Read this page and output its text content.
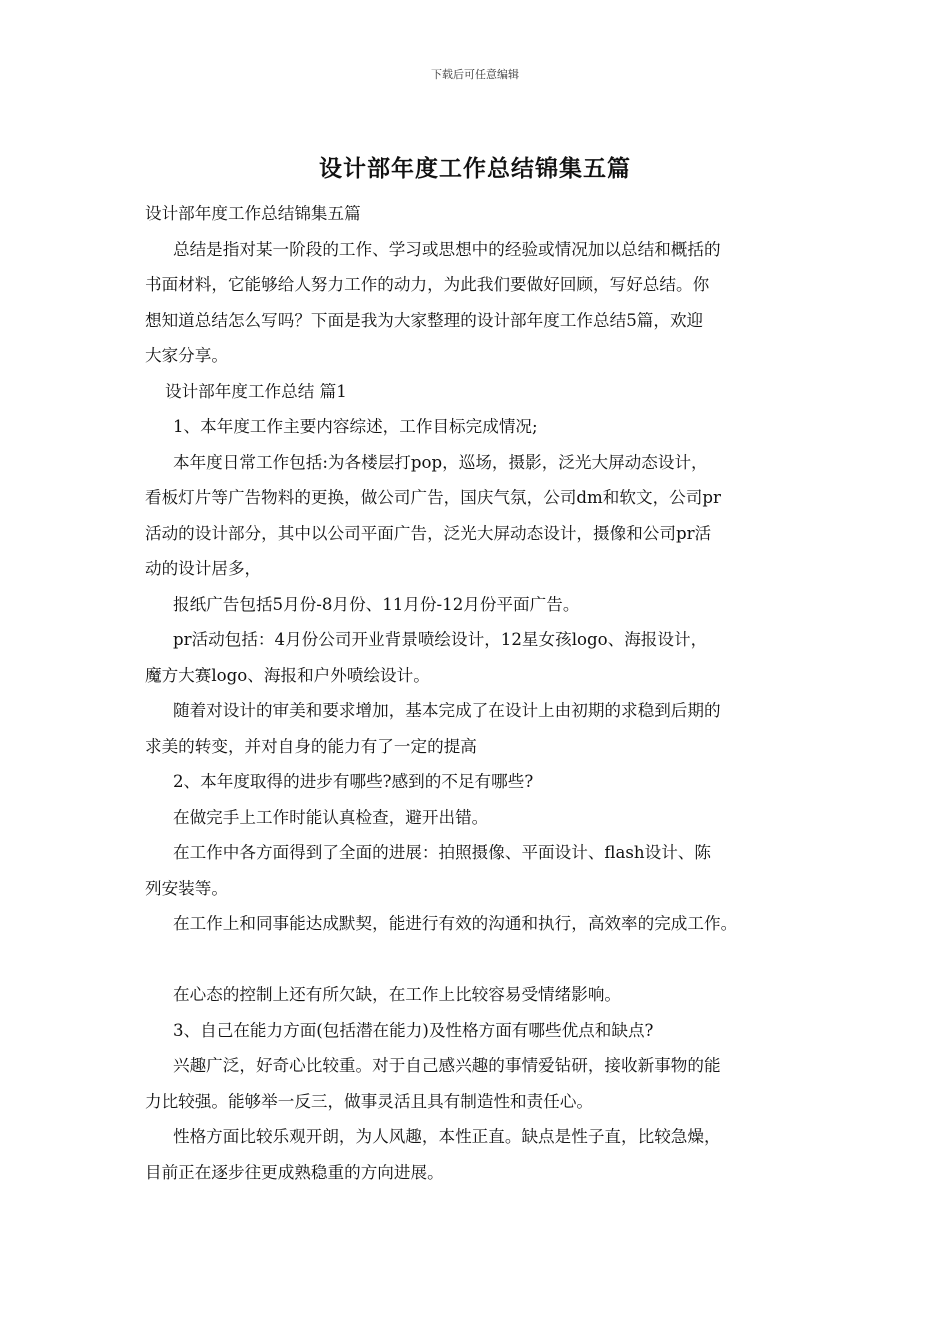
下载后可任意编辑
设计部年度工作总结锦集五篇

设计部年度工作总结锦集五篇

总结是指对某一阶段的工作、学习或思想中的经验或情况加以总结和概括的

书面材料，它能够给人努力工作的动力，为此我们要做好回顾，写好总结。你

想知道总结怎么写吗？下面是我为大家整理的设计部年度工作总结5篇，欢迎

大家分享。

设计部年度工作总结 篇1

1、本年度工作主要内容综述，工作目标完成情况;

本年度日常工作包括:为各楼层打pop，巡场，摄影，泛光大屏动态设计，

看板灯片等广告物料的更换，做公司广告，国庆气氛，公司dm和软文，公司pr

活动的设计部分，其中以公司平面广告，泛光大屏动态设计，摄像和公司pr活

动的设计居多，

报纸广告包括5月份-8月份、11月份-12月份平面广告。

pr活动包括：4月份公司开业背景喷绘设计，12星女孩logo、海报设计，

魔方大赛logo、海报和户外喷绘设计。

随着对设计的审美和要求增加，基本完成了在设计上由初期的求稳到后期的

求美的转变，并对自身的能力有了一定的提高

2、本年度取得的进步有哪些?感到的不足有哪些?

在做完手上工作时能认真检查，避开出错。

在工作中各方面得到了全面的进展：拍照摄像、平面设计、flash设计、陈

列安装等。

在工作上和同事能达成默契，能进行有效的沟通和执行，高效率的完成工作。

在心态的控制上还有所欠缺，在工作上比较容易受情绪影响。

3、自己在能力方面(包括潜在能力)及性格方面有哪些优点和缺点?

兴趣广泛，好奇心比较重。对于自己感兴趣的事情爱钻研，接收新事物的能

力比较强。能够举一反三，做事灵活且具有制造性和责任心。

性格方面比较乐观开朗，为人风趣，本性正直。缺点是性子直，比较急燥，

目前正在逐步往更成熟稳重的方向进展。
